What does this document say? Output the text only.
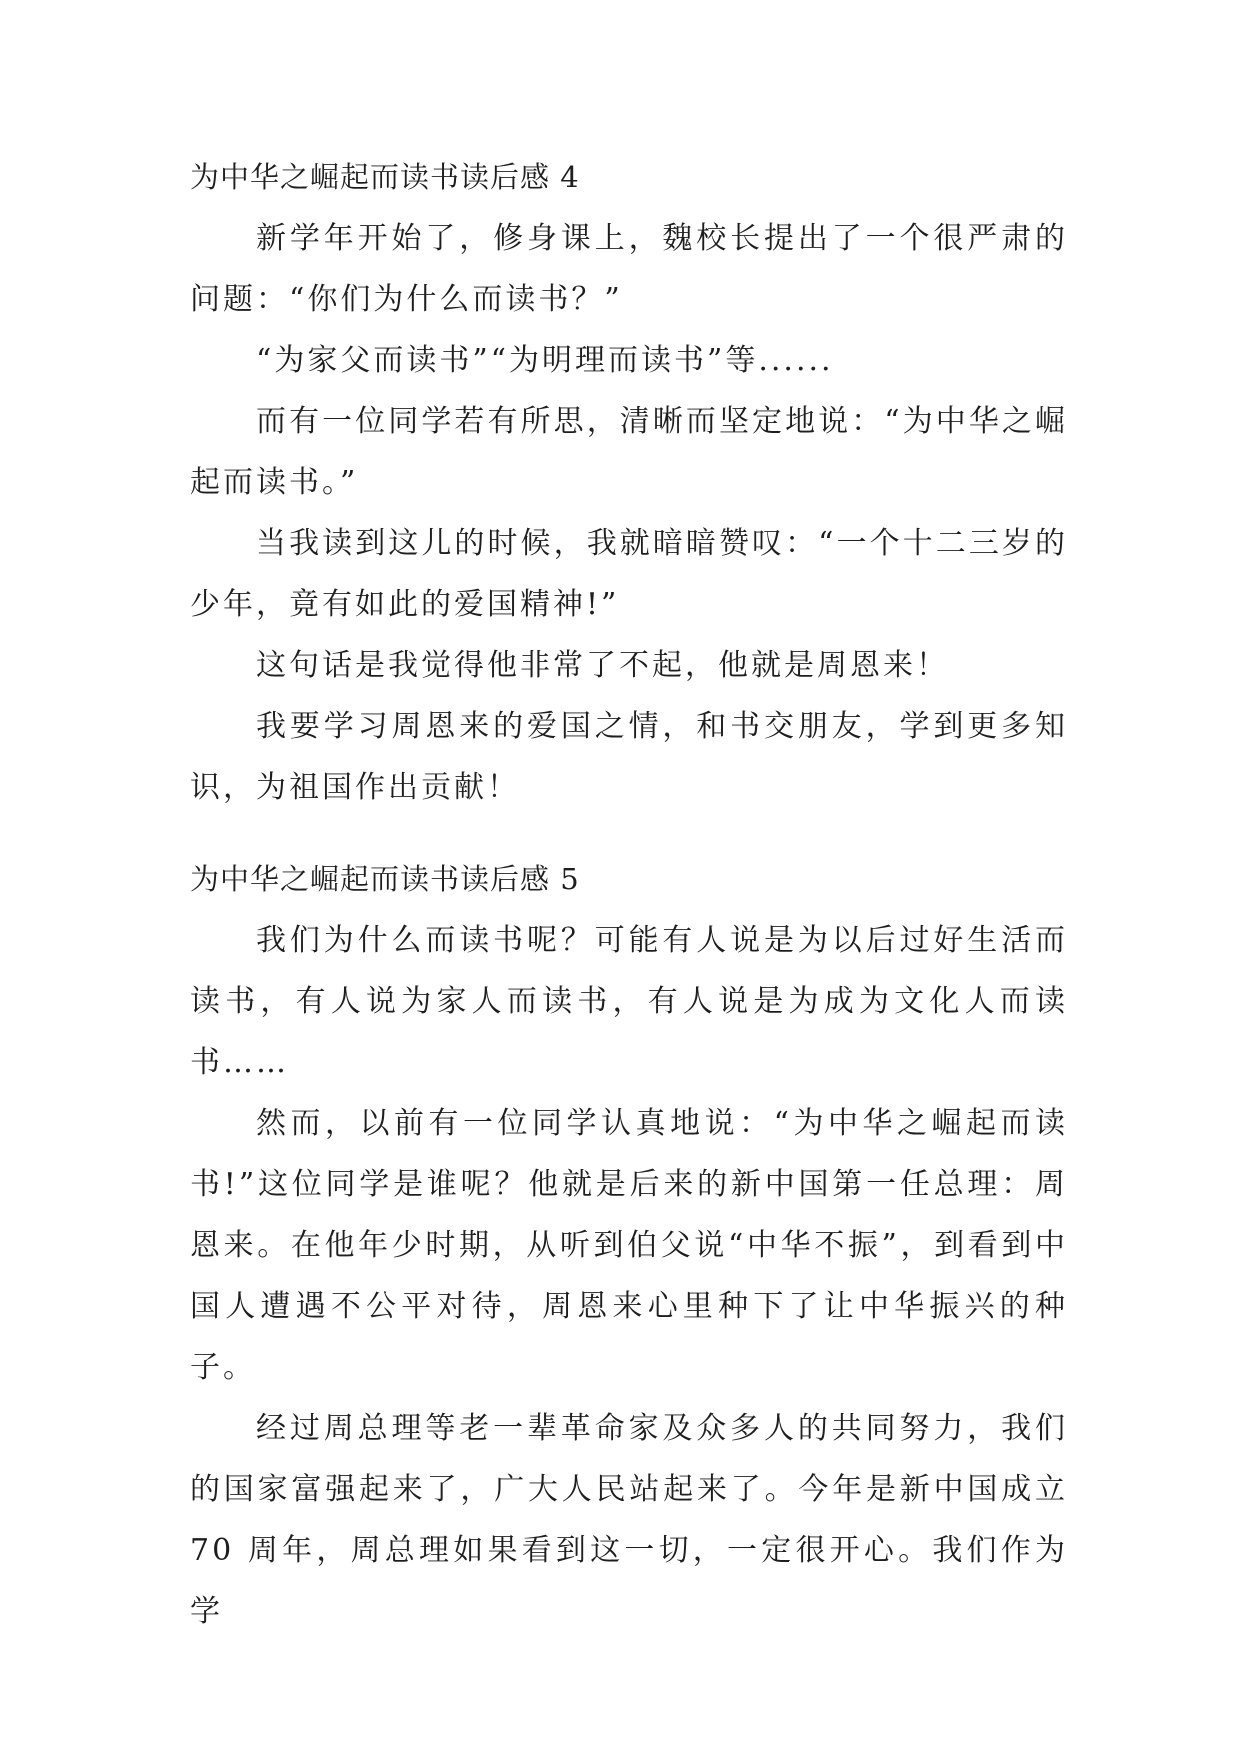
为中华之崛起而读书读后感 4

新学年开始了，修身课上，魏校长提出了一个很严肃的问题：“你们为什么而读书？”

“为家父而读书”“为明理而读书”等......

而有一位同学若有所思，清晰而坚定地说：“为中华之崛起而读书。”

当我读到这儿的时候，我就暗暗赞叹：“一个十二三岁的少年，竟有如此的爱国精神!”

这句话是我觉得他非常了不起，他就是周恩来！

我要学习周恩来的爱国之情，和书交朋友，学到更多知识，为祖国作出贡献！

为中华之崛起而读书读后感 5

我们为什么而读书呢？可能有人说是为以后过好生活而读书，有人说为家人而读书，有人说是为成为文化人而读书……

然而，以前有一位同学认真地说：“为中华之崛起而读书!”这位同学是谁呢？他就是后来的新中国第一任总理：周恩来。在他年少时期，从听到伯父说“中华不振”，到看到中国人遭遇不公平对待，周恩来心里种下了让中华振兴的种子。

经过周总理等老一辈革命家及众多人的共同努力，我们的国家富强起来了，广大人民站起来了。今年是新中国成立 70 周年，周总理如果看到这一切，一定很开心。我们作为学
